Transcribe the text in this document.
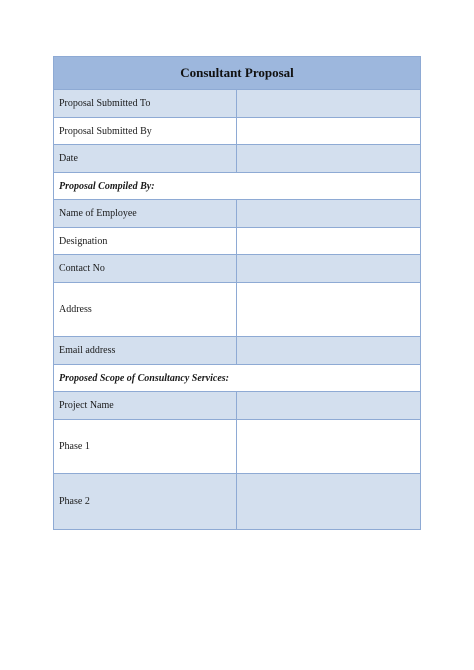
Consultant Proposal
Proposal Submitted To
Proposal Submitted By
Date
Proposal Compiled By:
Name of Employee
Designation
Contact No
Address
Email address
Proposed Scope of Consultancy Services:
Project Name
Phase 1
Phase 2
